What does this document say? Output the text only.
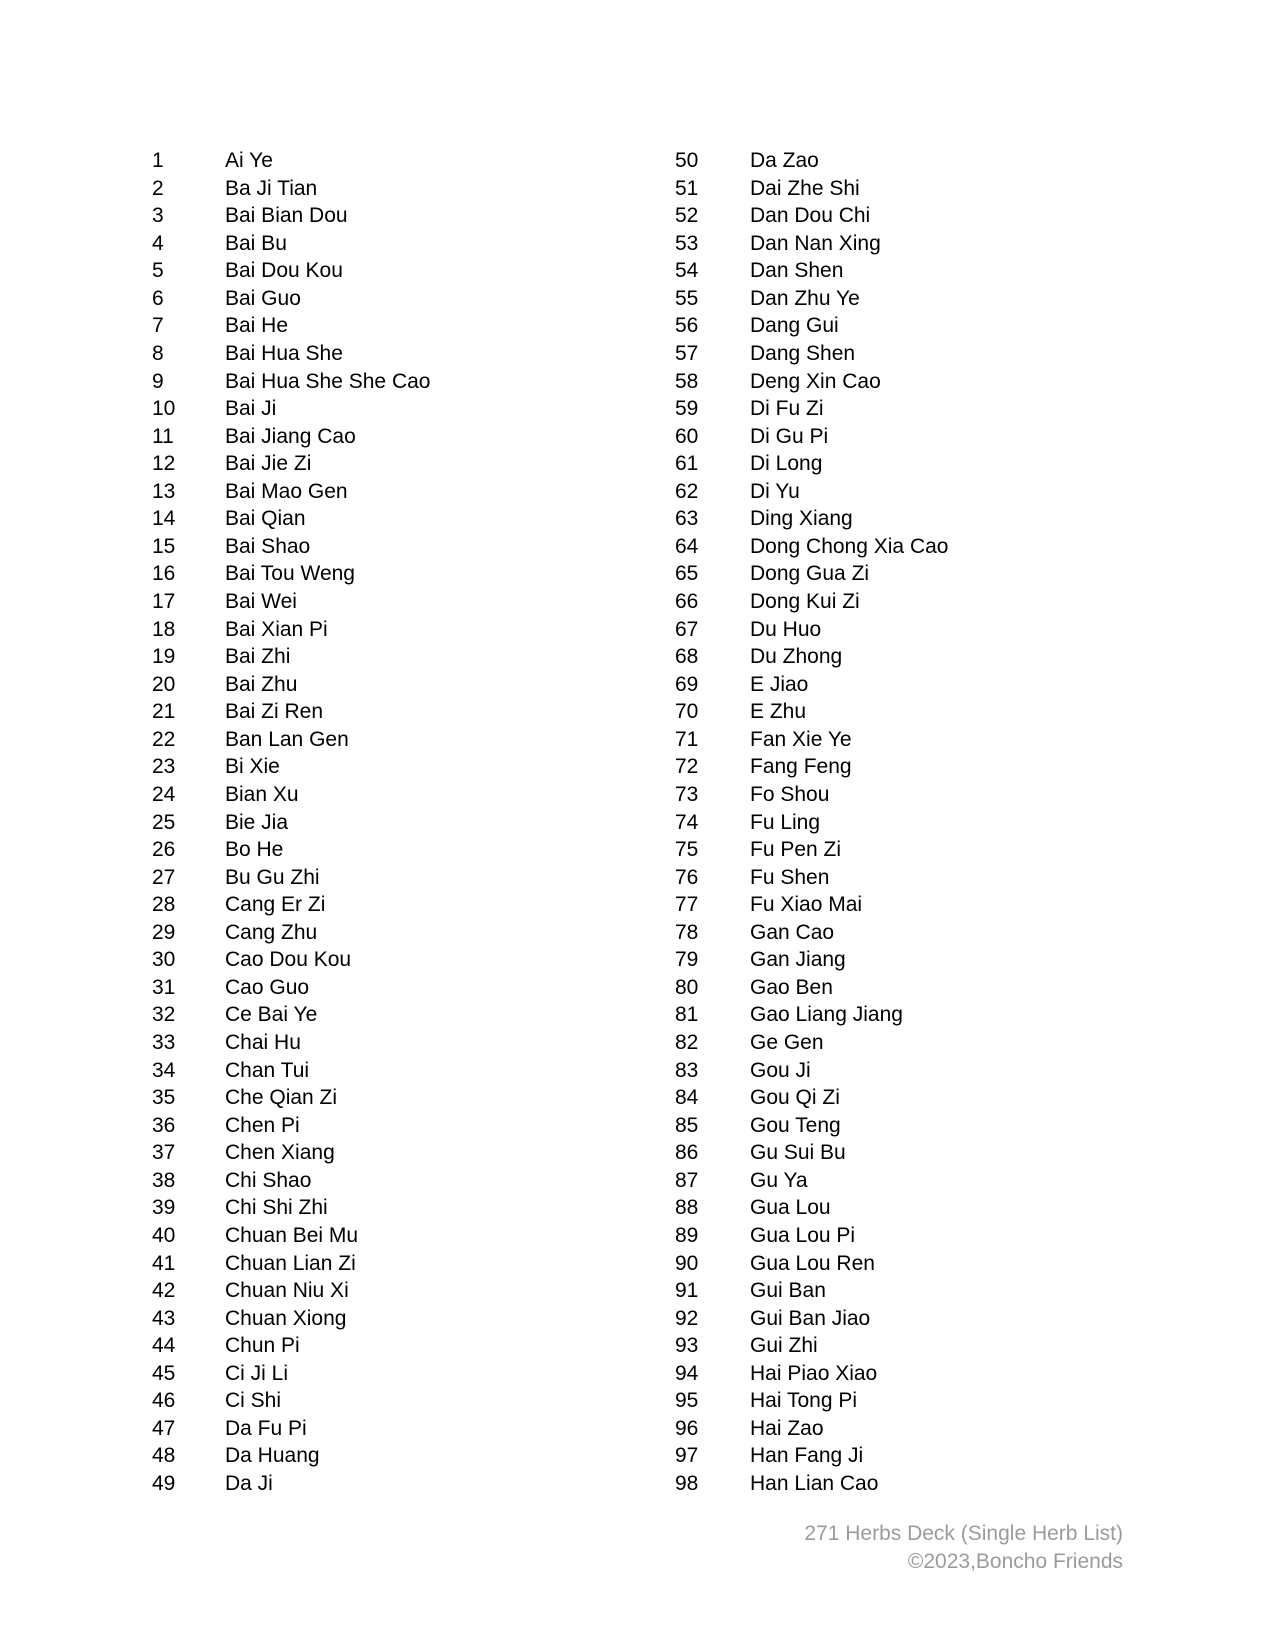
1	Ai Ye
2	Ba Ji Tian
3	Bai Bian Dou
4	Bai Bu
5	Bai Dou Kou
6	Bai Guo
7	Bai He
8	Bai Hua She
9	Bai Hua She She Cao
10	Bai Ji
11	Bai Jiang Cao
12	Bai Jie Zi
13	Bai Mao Gen
14	Bai Qian
15	Bai Shao
16	Bai Tou Weng
17	Bai Wei
18	Bai Xian Pi
19	Bai Zhi
20	Bai Zhu
21	Bai Zi Ren
22	Ban Lan Gen
23	Bi Xie
24	Bian Xu
25	Bie Jia
26	Bo He
27	Bu Gu Zhi
28	Cang Er Zi
29	Cang Zhu
30	Cao Dou Kou
31	Cao Guo
32	Ce Bai Ye
33	Chai Hu
34	Chan Tui
35	Che Qian Zi
36	Chen Pi
37	Chen Xiang
38	Chi Shao
39	Chi Shi Zhi
40	Chuan Bei Mu
41	Chuan Lian Zi
42	Chuan Niu Xi
43	Chuan Xiong
44	Chun Pi
45	Ci Ji Li
46	Ci Shi
47	Da Fu Pi
48	Da Huang
49	Da Ji
50	Da Zao
51	Dai Zhe Shi
52	Dan Dou Chi
53	Dan Nan Xing
54	Dan Shen
55	Dan Zhu Ye
56	Dang Gui
57	Dang Shen
58	Deng Xin Cao
59	Di Fu Zi
60	Di Gu Pi
61	Di Long
62	Di Yu
63	Ding Xiang
64	Dong Chong Xia Cao
65	Dong Gua Zi
66	Dong Kui Zi
67	Du Huo
68	Du Zhong
69	E Jiao
70	E Zhu
71	Fan Xie Ye
72	Fang Feng
73	Fo Shou
74	Fu Ling
75	Fu Pen Zi
76	Fu Shen
77	Fu Xiao Mai
78	Gan Cao
79	Gan Jiang
80	Gao Ben
81	Gao Liang Jiang
82	Ge Gen
83	Gou Ji
84	Gou Qi Zi
85	Gou Teng
86	Gu Sui Bu
87	Gu Ya
88	Gua Lou
89	Gua Lou Pi
90	Gua Lou Ren
91	Gui Ban
92	Gui Ban Jiao
93	Gui Zhi
94	Hai Piao Xiao
95	Hai Tong Pi
96	Hai Zao
97	Han Fang Ji
98	Han Lian Cao
271 Herbs Deck (Single Herb List)
©2023,Boncho Friends
